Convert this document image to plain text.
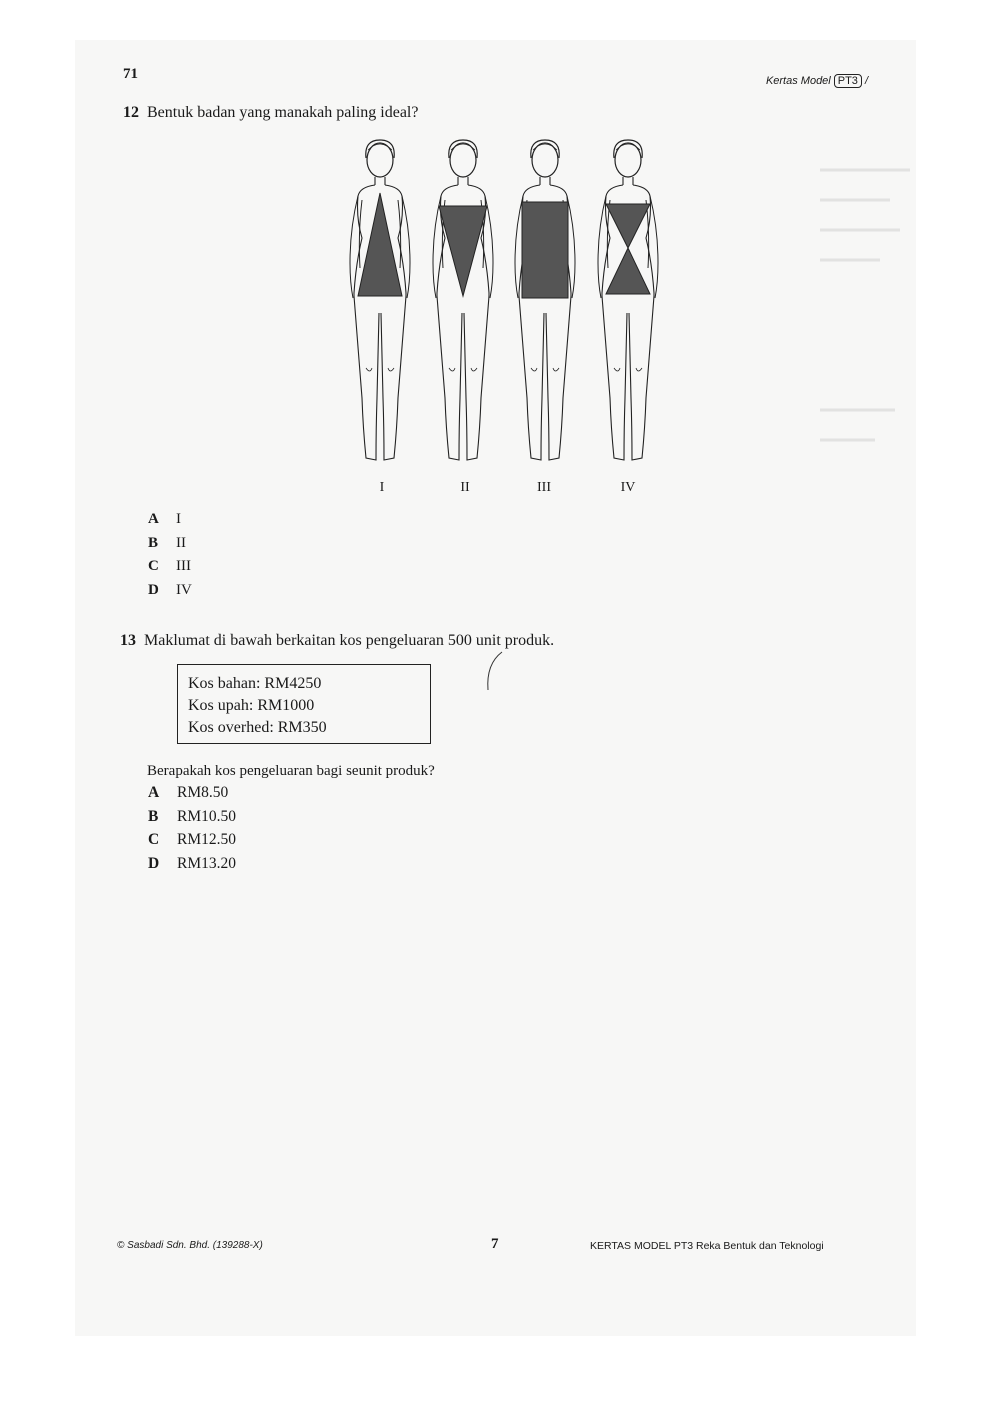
71	Kertas Model PT3 /
12 Bentuk badan yang manakah paling ideal?
I	II	III	IV
A I
B II
C III
D IV
13 Maklumat di bawah berkaitan kos pengeluaran 500 unit produk.
Kos bahan: RM4250
Kos upah: RM1000
Kos overhed: RM350
Berapakah kos pengeluaran bagi seunit produk?
A RM8.50
B RM10.50
C RM12.50
D RM13.20
© Sasbadi Sdn. Bhd. (139288-X)	7	KERTAS MODEL PT3 Reka Bentuk dan Teknologi
